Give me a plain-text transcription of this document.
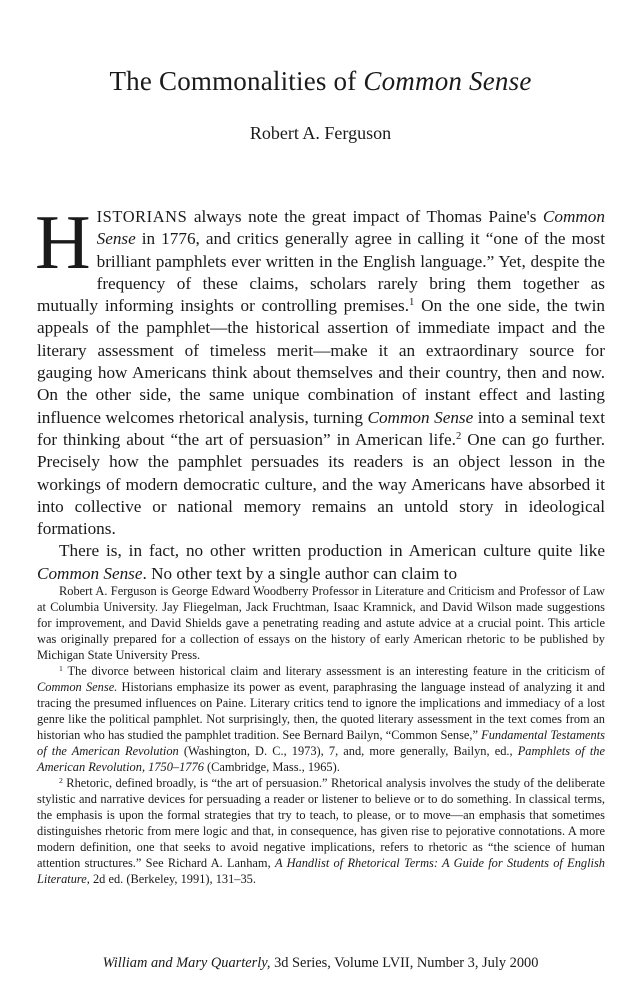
The Commonalities of Common Sense
Robert A. Ferguson

HISTORIANS always note the great impact of Thomas Paine's Common Sense in 1776, and critics generally agree in calling it “one of the most brilliant pamphlets ever written in the English language.” Yet, despite the frequency of these claims, scholars rarely bring them together as mutually informing insights or controlling premises.$^1$ On the one side, the twin appeals of the pamphlet—the historical assertion of immediate impact and the literary assessment of timeless merit—make it an extraordinary source for gauging how Americans think about themselves and their country, then and now. On the other side, the same unique combination of instant effect and lasting influence welcomes rhetorical analysis, turning Common Sense into a seminal text for thinking about “the art of persuasion” in American life.$^2$ One can go further. Precisely how the pamphlet persuades its readers is an object lesson in the workings of modern democratic culture, and the way Americans have absorbed it into collective or national memory remains an untold story in ideological formations.

There is, in fact, no other written production in American culture quite like Common Sense. No other text by a single author can claim to

Robert A. Ferguson is George Edward Woodberry Professor in Literature and Criticism and Professor of Law at Columbia University. Jay Fliegelman, Jack Fruchtman, Isaac Kramnick, and David Wilson made suggestions for improvement, and David Shields gave a penetrating reading and astute advice at a crucial point. This article was originally prepared for a collection of essays on the history of early American rhetoric to be published by Michigan State University Press.

$^1$ The divorce between historical claim and literary assessment is an interesting feature in the criticism of Common Sense. Historians emphasize its power as event, paraphrasing the language instead of analyzing it and tracing the presumed influences on Paine. Literary critics tend to ignore the implications and immediacy of a lost genre like the political pamphlet. Not surprisingly, then, the quoted literary assessment in the text comes from an historian who has studied the pamphlet tradition. See Bernard Bailyn, “Common Sense,” Fundamental Testaments of the American Revolution (Washington, D. C., 1973), 7, and, more generally, Bailyn, ed., Pamphlets of the American Revolution, 1750–1776 (Cambridge, Mass., 1965).

$^2$ Rhetoric, defined broadly, is “the art of persuasion.” Rhetorical analysis involves the study of the deliberate stylistic and narrative devices for persuading a reader or listener to believe or to do something. In classical terms, the emphasis is upon the formal strategies that try to teach, to please, or to move—an emphasis that sometimes distinguishes rhetoric from mere logic and that, in consequence, has given rise to pejorative connotations. A more modern definition, one that seeks to avoid negative implications, refers to rhetoric as “the science of human attention structures.” See Richard A. Lanham, A Handlist of Rhetorical Terms: A Guide for Students of English Literature, 2d ed. (Berkeley, 1991), 131–35.

William and Mary Quarterly, 3d Series, Volume LVII, Number 3, July 2000
